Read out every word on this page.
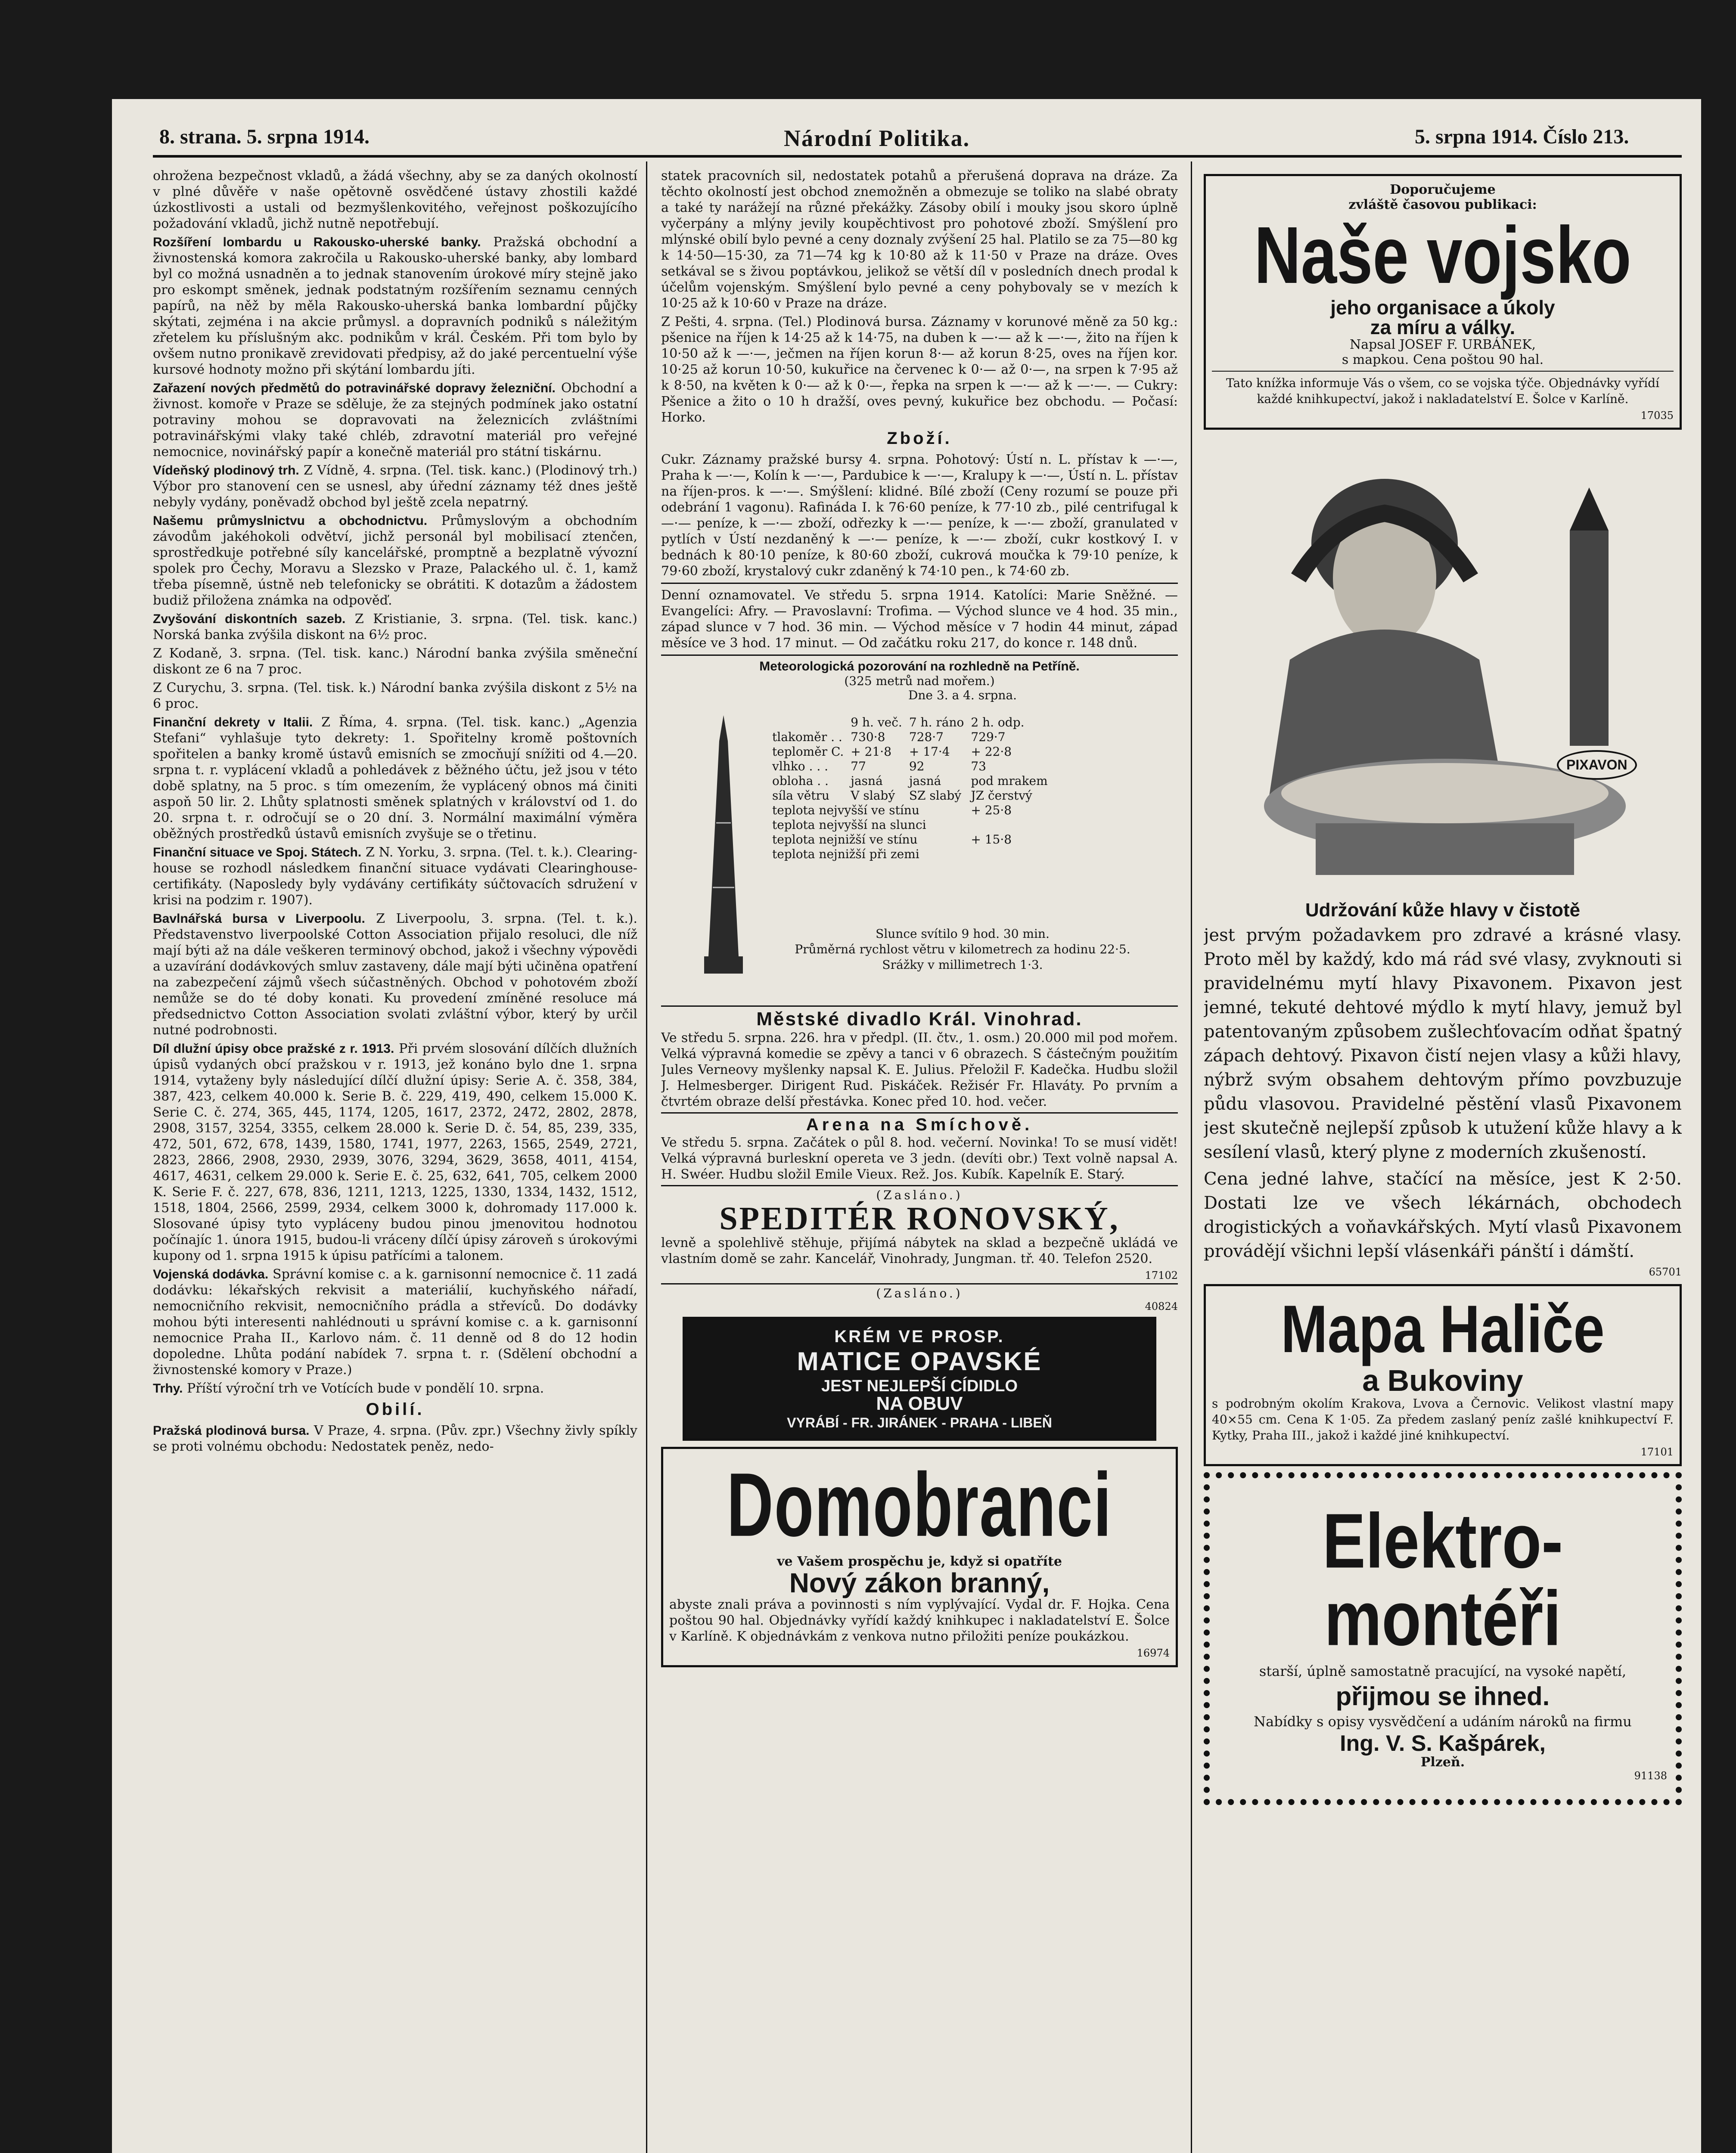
8. strana. 5. srpna 1914.	Národní Politika.	5. srpna 1914. Číslo 213.

ohrožena bezpečnost vkladů, a žádá všechny, aby se za daných okolností v plné důvěře v naše opětovně osvědčené ústavy zhostili každé úzkostlivosti a ustali od bezmyšlenkovitého, veřejnost poškozujícího požadování vkladů, jichž nutně nepotřebují.

Rozšíření lombardu u Rakousko-uherské banky. Pražská obchodní a živnostenská komora zakročila u Rakousko-uherské banky, aby lombard byl co možná usnadněn a to jednak stanovením úrokové míry stejně jako pro eskompt směnek, jednak podstatným rozšířením seznamu cenných papírů, na něž by měla Rakousko-uherská banka lombardní půjčky skýtati, zejména i na akcie průmysl. a dopravních podniků s náležitým zřetelem ku příslušným akc. podnikům v král. Českém. Při tom bylo by ovšem nutno pronikavě zrevidovati předpisy, až do jaké percentuelní výše kursové hodnoty možno při skýtání lombardu jíti.

Zařazení nových předmětů do potravinářské dopravy železniční. Obchodní a živnost. komoře v Praze se sděluje, že za stejných podmínek jako ostatní potraviny mohou se dopravovati na železnicích zvláštními potravinářskými vlaky také chléb, zdravotní materiál pro veřejné nemocnice, novinářský papír a konečně materiál pro státní tiskárnu.

Vídeňský plodinový trh. Z Vídně, 4. srpna. (Tel. tisk. kanc.) (Plodinový trh.) Výbor pro stanovení cen se usnesl, aby úřední záznamy též dnes ještě nebyly vydány, poněvadž obchod byl ještě zcela nepatrný.

Našemu průmyslnictvu a obchodnictvu. Průmyslovým a obchodním závodům jakéhokoli odvětví, jichž personál byl mobilisací ztenčen, sprostředkuje potřebné síly kancelářské, promptně a bezplatně vývozní spolek pro Čechy, Moravu a Slezsko v Praze, Palackého ul. č. 1, kamž třeba písemně, ústně neb telefonicky se obrátiti. K dotazům a žádostem budiž přiložena známka na odpověď.

Zvyšování diskontních sazeb. Z Kristianie, 3. srpna. (Tel. tisk. kanc.) Norská banka zvýšila diskont na 6½ proc.

Z Kodaně, 3. srpna. (Tel. tisk. kanc.) Národní banka zvýšila směneční diskont ze 6 na 7 proc.

Z Curychu, 3. srpna. (Tel. tisk. k.) Národní banka zvýšila diskont z 5½ na 6 proc.

Finanční dekrety v Italii. Z Říma, 4. srpna. (Tel. tisk. kanc.) „Agenzia Stefani“ vyhlašuje tyto dekrety: 1. Spořitelny kromě poštovních spořitelen a banky kromě ústavů emisních se zmocňují snížiti od 4.—20. srpna t. r. vyplácení vkladů a pohledávek z běžného účtu, jež jsou v této době splatny, na 5 proc. s tím omezením, že vyplácený obnos má činiti aspoň 50 lir. 2. Lhůty splatnosti směnek splatných v království od 1. do 20. srpna t. r. odročují se o 20 dní. 3. Normální maximální výměra oběžných prostředků ústavů emisních zvyšuje se o třetinu.

Finanční situace ve Spoj. Státech. Z N. Yorku, 3. srpna. (Tel. t. k.). Clearing-house se rozhodl následkem finanční situace vydávati Clearinghouse-certifikáty. (Naposledy byly vydávány certifikáty súčtovacích sdružení v krisi na podzim r. 1907).

Bavlnářská bursa v Liverpoolu. Z Liverpoolu, 3. srpna. (Tel. t. k.). Představenstvo liverpoolské Cotton Association přijalo resoluci, dle níž mají býti až na dále veškeren terminový obchod, jakož i všechny výpovědi a uzavírání dodávkových smluv zastaveny, dále mají býti učiněna opatření na zabezpečení zájmů všech súčastněných. Obchod v pohotovém zboží nemůže se do té doby konati. Ku provedení zmíněné resoluce má předsednictvo Cotton Association svolati zvláštní výbor, který by určil nutné podrobnosti.

Díl dlužní úpisy obce pražské z r. 1913. Při prvém slosování dílčích dlužních úpisů vydaných obcí pražskou v r. 1913, jež konáno bylo dne 1. srpna 1914, vytaženy byly následující dílčí dlužní úpisy: Serie A. č. 358, 384, 387, 423, celkem 40.000 k. Serie B. č. 229, 419, 490, celkem 15.000 K. Serie C. č. 274, 365, 445, 1174, 1205, 1617, 2372, 2472, 2802, 2878, 2908, 3157, 3254, 3355, celkem 28.000 k. Serie D. č. 54, 85, 239, 335, 472, 501, 672, 678, 1439, 1580, 1741, 1977, 2263, 1565, 2549, 2721, 2823, 2866, 2908, 2930, 2939, 3076, 3294, 3629, 3658, 4011, 4154, 4617, 4631, celkem 29.000 k. Serie E. č. 25, 632, 641, 705, celkem 2000 K. Serie F. č. 227, 678, 836, 1211, 1213, 1225, 1330, 1334, 1432, 1512, 1518, 1804, 2566, 2599, 2934, celkem 3000 k, dohromady 117.000 k. Slosované úpisy tyto vypláceny budou pinou jmenovitou hodnotou počínajíc 1. února 1915, budou-li vráceny dílčí úpisy zároveň s úrokovými kupony od 1. srpna 1915 k úpisu patřícími a talonem.

Vojenská dodávka. Správní komise c. a k. garnisonní nemocnice č. 11 zadá dodávku: lékařských rekvisit a materiálií, kuchyňského nářadí, nemocničního rekvisit, nemocničního prádla a střevíců. Do dodávky mohou býti interesenti nahlédnouti u správní komise c. a k. garnisonní nemocnice Praha II., Karlovo nám. č. 11 denně od 8 do 12 hodin dopoledne. Lhůta podání nabídek 7. srpna t. r. (Sdělení obchodní a živnostenské komory v Praze.)

Trhy. Příští výroční trh ve Votících bude v pondělí 10. srpna.

Obilí.

Pražská plodinová bursa. V Praze, 4. srpna. (Pův. zpr.) Všechny živly spíkly se proti volnému obchodu: Nedostatek peněz, nedo-

statek pracovních sil, nedostatek potahů a přerušená doprava na dráze. Za těchto okolností jest obchod znemožněn a obmezuje se toliko na slabé obraty a také ty narážejí na různé překážky. Zásoby obilí i mouky jsou skoro úplně vyčerpány a mlýny jevily koupěchtivost pro pohotové zboží. Smýšlení pro mlýnské obilí bylo pevné a ceny doznaly zvýšení 25 hal. Platilo se za 75—80 kg k 14·50—15·30, za 71—74 kg k 10·80 až k 11·50 v Praze na dráze. Oves setkával se s živou poptávkou, jelikož se větší díl v posledních dnech prodal k účelům vojenským. Smýšlení bylo pevné a ceny pohybovaly se v mezích k 10·25 až k 10·60 v Praze na dráze.

Z Pešti, 4. srpna. (Tel.) Plodinová bursa. Záznamy v korunové měně za 50 kg.: pšenice na říjen k 14·25 až k 14·75, na duben k —·— až k —·—, žito na říjen k 10·50 až k —·—, ječmen na říjen korun 8·— až korun 8·25, oves na říjen kor. 10·25 až korun 10·50, kukuřice na červenec k 0·— až 0·—, na srpen k 7·95 až k 8·50, na květen k 0·— až k 0·—, řepka na srpen k —·— až k —·—. — Cukry: Pšenice a žito o 10 h dražší, oves pevný, kukuřice bez obchodu. — Počasí: Horko.

Zboží.

Cukr. Záznamy pražské bursy 4. srpna. Pohotový: Ústí n. L. přístav k —·—, Praha k —·—, Kolín k —·—, Pardubice k —·—, Kralupy k —·—, Ústí n. L. přístav na říjen-pros. k —·—. Smýšlení: klidné. Bílé zboží (Ceny rozumí se pouze při odebrání 1 vagonu). Rafináda I. k 76·60 peníze, k 77·10 zb., pilé centrifugal k —·— peníze, k —·— zboží, odřezky k —·— peníze, k —·— zboží, granulated v pytlích v Ústí nezdaněný k —·— peníze, k —·— zboží, cukr kostkový I. v bednách k 80·10 peníze, k 80·60 zboží, cukrová moučka k 79·10 peníze, k 79·60 zboží, krystalový cukr zdaněný k 74·10 pen., k 74·60 zb.

Denní oznamovatel. Ve středu 5. srpna 1914. Katolíci: Marie Sněžné. — Evangelíci: Afry. — Pravoslavní: Trofima. — Východ slunce ve 4 hod. 35 min., západ slunce v 7 hod. 36 min. — Východ měsíce v 7 hodin 44 minut, západ měsíce ve 3 hod. 17 minut. — Od začátku roku 217, do konce r. 148 dnů.

Meteorologická pozorování na rozhledně na Petříně.
(325 metrů nad mořem.)
Dne 3. a 4. srpna.
	9 h. več.	7 h. ráno	2 h. odp.
tlakoměr . .	730·8	728·7	729·7
teploměr C.	+ 21·8	+ 17·4	+ 22·8
vlhko . . .	77	92	73
obloha . .	jasná	jasná	pod mrakem
síla větru	V slabý	SZ slabý	JZ čerstvý
teplota nejvyšší ve stínu			+ 25·8
teplota nejvyšší na slunci			
teplota nejnižší ve stínu			+ 15·8
teplota nejnižší při zemi			
Slunce svítilo 9 hod. 30 min.
Průměrná rychlost větru v kilometrech za hodinu 22·5.
Srážky v millimetrech 1·3.
Městské divadlo Král. Vinohrad.

Ve středu 5. srpna. 226. hra v předpl. (II. čtv., 1. osm.) 20.000 mil pod mořem. Velká výpravná komedie se zpěvy a tanci v 6 obrazech. S částečným použitím Jules Verneovy myšlenky napsal K. E. Julius. Přeložil F. Kadečka. Hudbu složil J. Helmesberger. Dirigent Rud. Piskáček. Režisér Fr. Hlaváty. Po prvním a čtvrtém obraze delší přestávka. Konec před 10. hod. večer.

Arena na Smíchově.

Ve středu 5. srpna. Začátek o půl 8. hod. večerní. Novinka! To se musí vidět! Velká výpravná burleskní opereta ve 3 jedn. (devíti obr.) Text volně napsal A. H. Swéer. Hudbu složil Emile Vieux. Rež. Jos. Kubík. Kapelník E. Starý.

(Zasláno.)
SPEDITÉR RONOVSKÝ,

levně a spolehlivě stěhuje, přijímá nábytek na sklad a bezpečně ukládá ve vlastním domě se zahr. Kancelář, Vinohrady, Jungman. tř. 40. Telefon 2520.

17102
(Zasláno.)
40824
KRÉM VE PROSP.
MATICE OPAVSKÉ
JEST NEJLEPŠÍ CÍDIDLO
NA OBUV
VYRÁBÍ - FR. JIRÁNEK - PRAHA - LIBEŇ
Domobranci
ve Vašem prospěchu je, když si opatříte
Nový zákon branný,

abyste znali práva a povinnosti s ním vyplývající. Vydal dr. F. Hojka. Cena poštou 90 hal. Objednávky vyřídí každý knihkupec i nakladatelství E. Šolce v Karlíně. K objednávkám z venkova nutno přiložiti peníze poukázkou.

16974
Doporučujeme
zvláště časovou publikaci:
Naše vojsko
jeho organisace a úkoly
za míru a války.
Napsal JOSEF F. URBÁNEK,
s mapkou. Cena poštou 90 hal.

Tato knížka informuje Vás o všem, co se vojska týče. Objednávky vyřídí každé knihkupectví, jakož i nakladatelství E. Šolce v Karlíně.

17035
PIXAVON
Udržování kůže hlavy v čistotě

jest prvým požadavkem pro zdravé a krásné vlasy. Proto měl by každý, kdo má rád své vlasy, zvyknouti si pravidelnému mytí hlavy Pixavonem. Pixavon jest jemné, tekuté dehtové mýdlo k mytí hlavy, jemuž byl patentovaným způsobem zušlechťovacím odňat špatný zápach dehtový. Pixavon čistí nejen vlasy a kůži hlavy, nýbrž svým obsahem dehtovým přímo povzbuzuje půdu vlasovou. Pravidelné pěstění vlasů Pixavonem jest skutečně nejlepší způsob k utužení kůže hlavy a k sesílení vlasů, který plyne z moderních zkušeností.

Cena jedné lahve, stačící na měsíce, jest K 2·50. Dostati lze ve všech lékárnách, obchodech drogistických a voňavkářských. Mytí vlasů Pixavonem provádějí všichni lepší vlásenkáři pánští i dámští.

65701
Mapa Haliče
a Bukoviny

s podrobným okolím Krakova, Lvova a Černovic. Velikost vlastní mapy 40×55 cm. Cena K 1·05. Za předem zaslaný peníz zašlé knihkupectví F. Kytky, Praha III., jakož i každé jiné knihkupectví.

17101
Elektro-
montéři

starší, úplně samostatně pracující, na vysoké napětí,

přijmou se ihned.

Nabídky s opisy vysvědčení a udáním nároků na firmu

Ing. V. S. Kašpárek,
Plzeň.
91138
